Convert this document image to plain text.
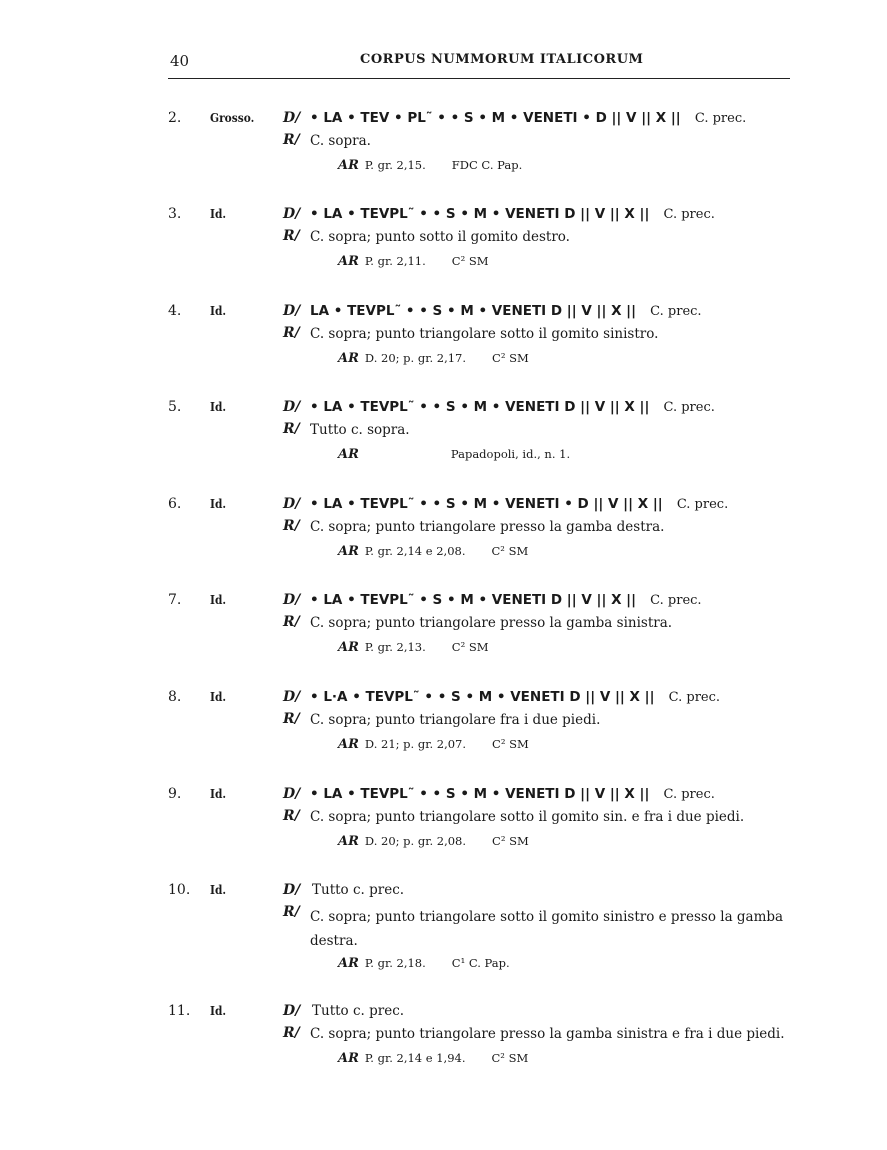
40	CORPUS NUMMORUM ITALICORUM
2.	Grosso. D/ • LA • TEV • PL˜ • • S • M • VENETI • D || V || X || C. prec.
R/ C. sopra.
AR P. gr. 2,15. FDC C. Pap.
3.	Id.	D/ • LA • TEVPL˜ • • S • M • VENETI D || V || X || C. prec.
R/ C. sopra; punto sotto il gomito destro.
AR P. gr. 2,11. C² SM
4.	Id.	D/ LA • TEVPL˜ • • S • M • VENETI D || V || X || C. prec.
R/ C. sopra; punto triangolare sotto il gomito sinistro.
AR D. 20; p. gr. 2,17. C² SM
5.	Id.	D/ • LA • TEVPL˜ • • S • M • VENETI D || V || X || C. prec.
R/ Tutto c. sopra.
AR	Papadopoli, id., n. 1.
6.	Id.	D/ • LA • TEVPL˜ • • S • M • VENETI • D || V || X || C. prec.
R/ C. sopra; punto triangolare presso la gamba destra.
AR P. gr. 2,14 e 2,08. C² SM
7.	Id.	D/ • LA • TEVPL˜ • S • M • VENETI D || V || X || C. prec.
R/ C. sopra; punto triangolare presso la gamba sinistra.
AR P. gr. 2,13. C² SM
8.	Id.	D/ • L·A • TEVPL˜ • • S • M • VENETI D || V || X || C. prec.
R/ C. sopra; punto triangolare fra i due piedi.
AR D. 21; p. gr. 2,07. C² SM
9.	Id.	D/ • LA • TEVPL˜ • • S • M • VENETI D || V || X || C. prec.
R/ C. sopra; punto triangolare sotto il gomito sin. e fra i due piedi.
AR D. 20; p. gr. 2,08. C² SM
10.	Id.	D/ Tutto c. prec.
R/ C. sopra; punto triangolare sotto il gomito sinistro e presso la gamba destra.
AR P. gr. 2,18. C¹ C. Pap.
11.	Id.	D/ Tutto c. prec.
R/ C. sopra; punto triangolare presso la gamba sinistra e fra i due piedi.
AR P. gr. 2,14 e 1,94. C² SM
